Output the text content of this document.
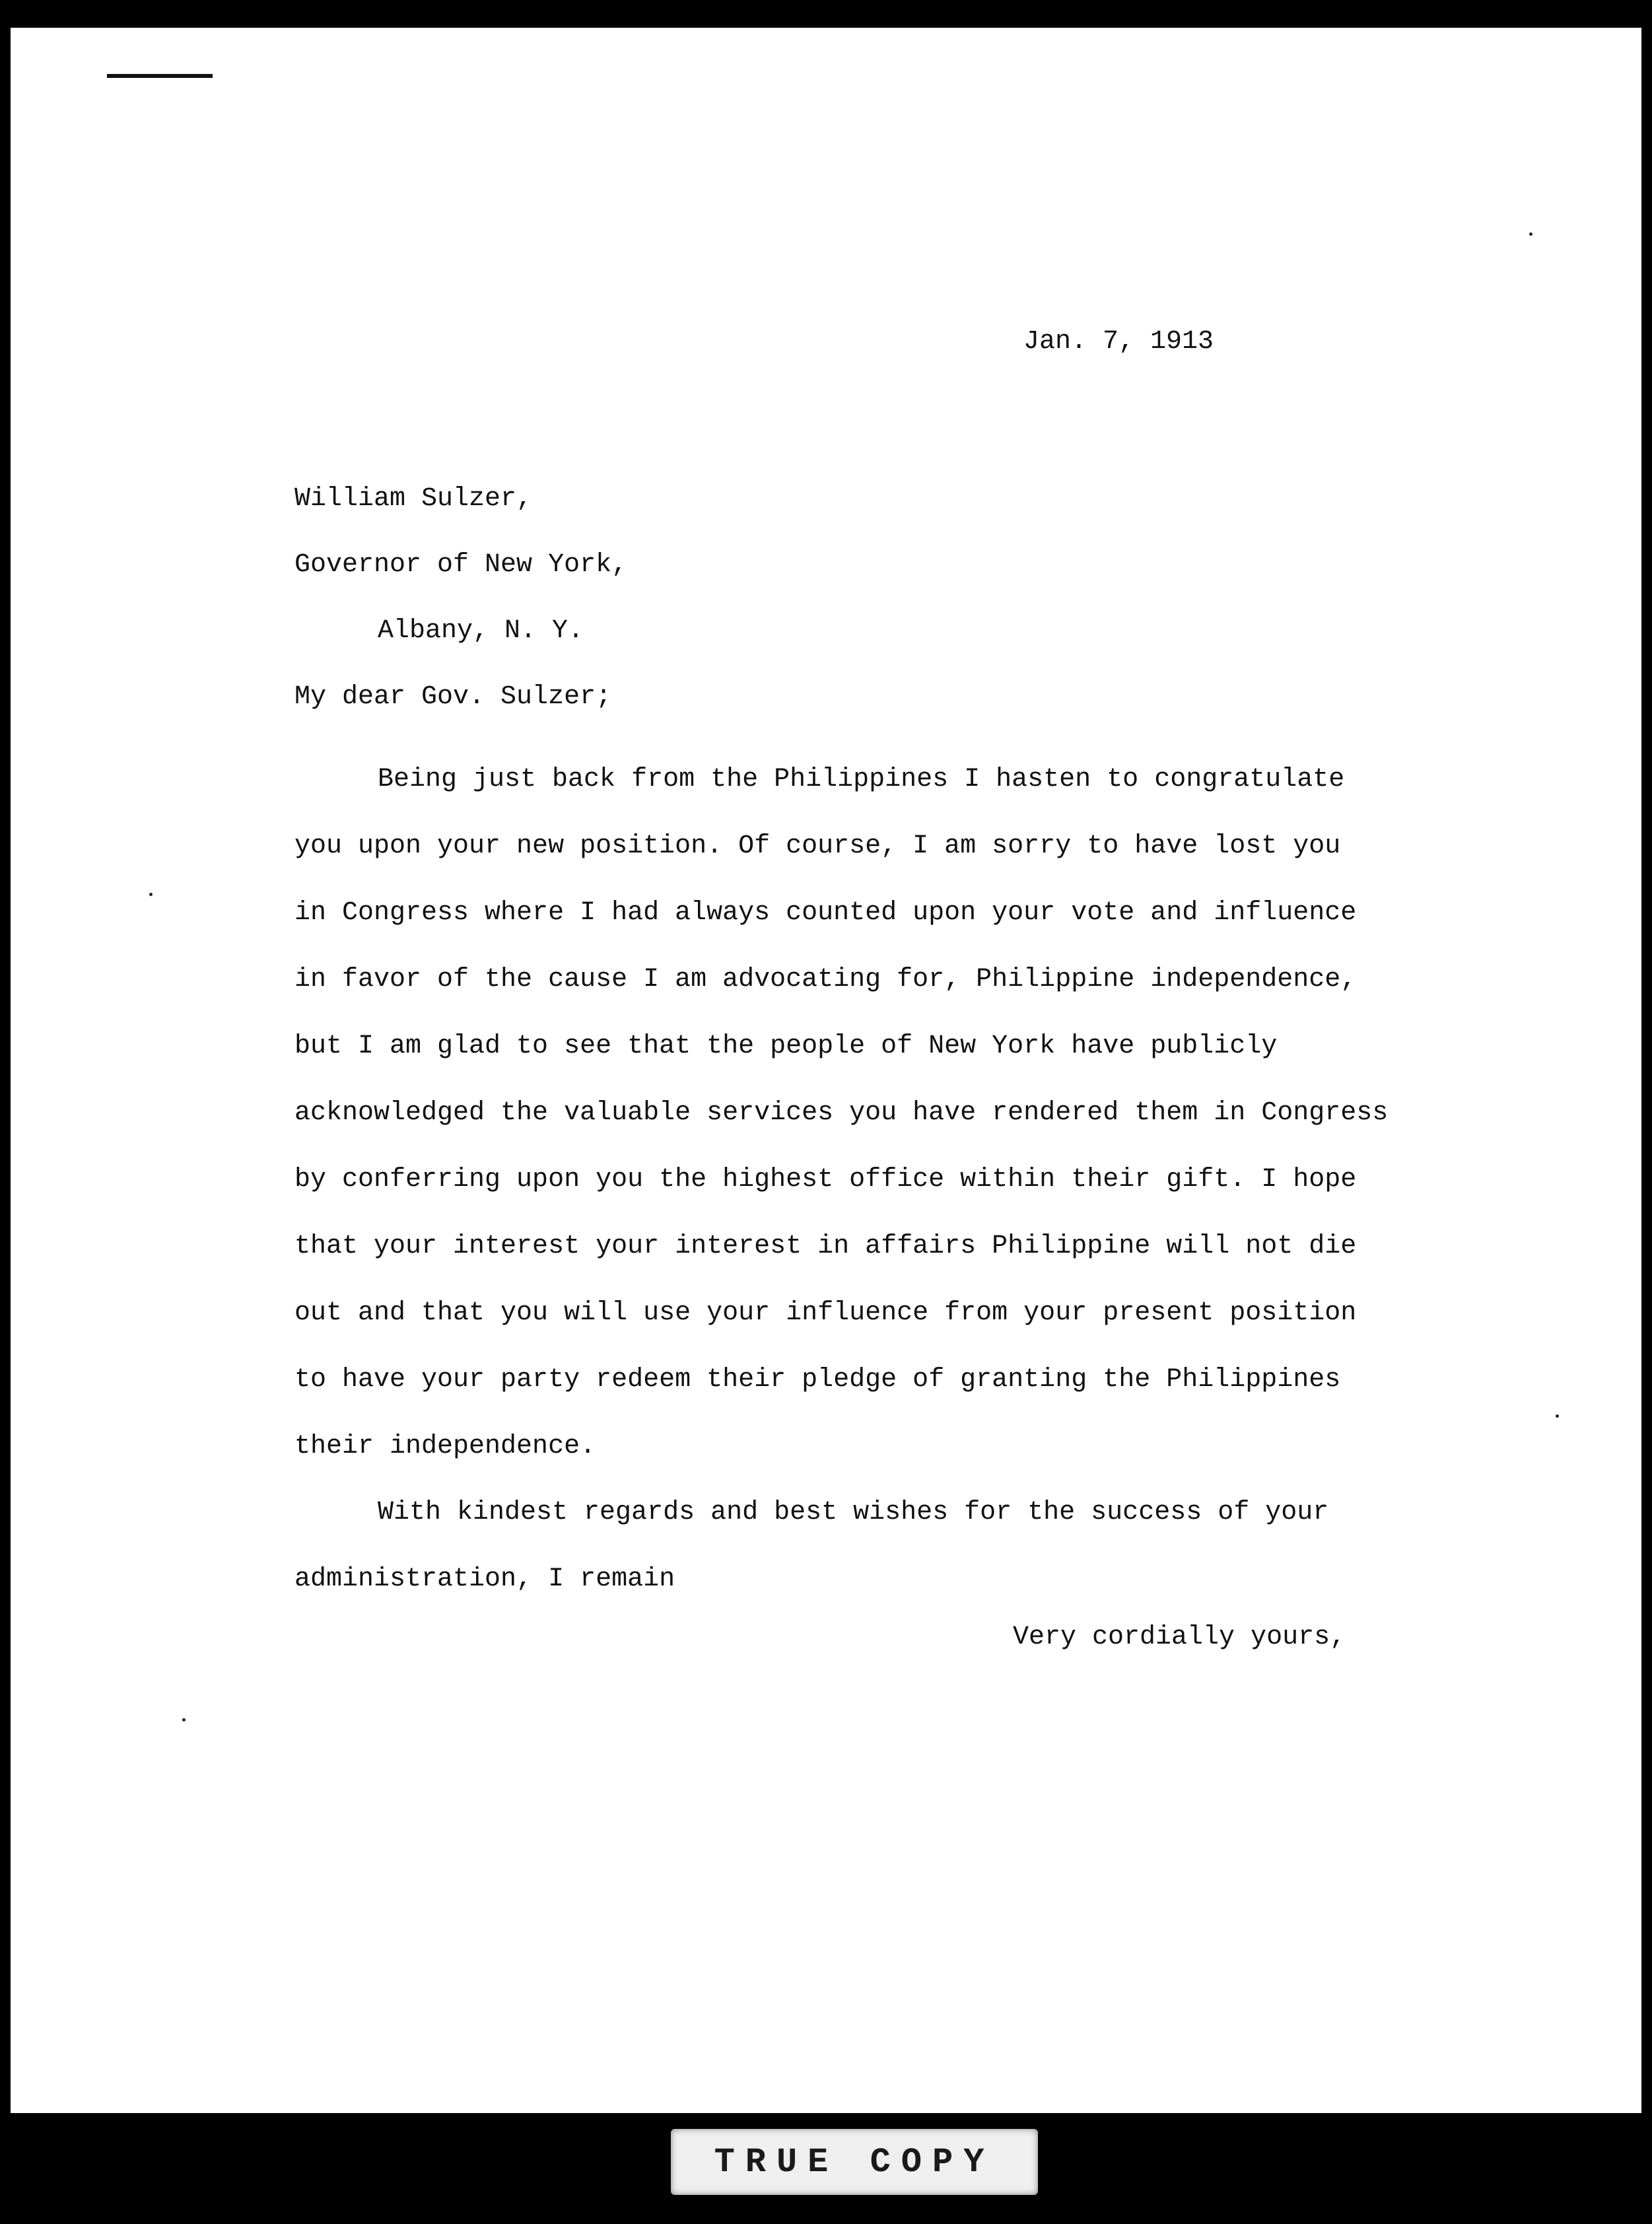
Jan. 7, 1913

William Sulzer,

Governor of New York,

Albany, N. Y.

My dear Gov. Sulzer;

Being just back from the Philippines I hasten to congratulate
you upon your new position. Of course, I am sorry to have lost you
in Congress where I had always counted upon your vote and influence
in favor of the cause I am advocating for, Philippine independence,
but I am glad to see that the people of New York have publicly
acknowledged the valuable services you have rendered them in Congress
by conferring upon you the highest office within their gift. I hope
that your interest your interest in affairs Philippine will not die
out and that you will use your influence from your present position
to have your party redeem their pledge of granting the Philippines
their independence.
With kindest regards and best wishes for the success of your
administration, I remain

Very cordially yours,

TRUE COPY
